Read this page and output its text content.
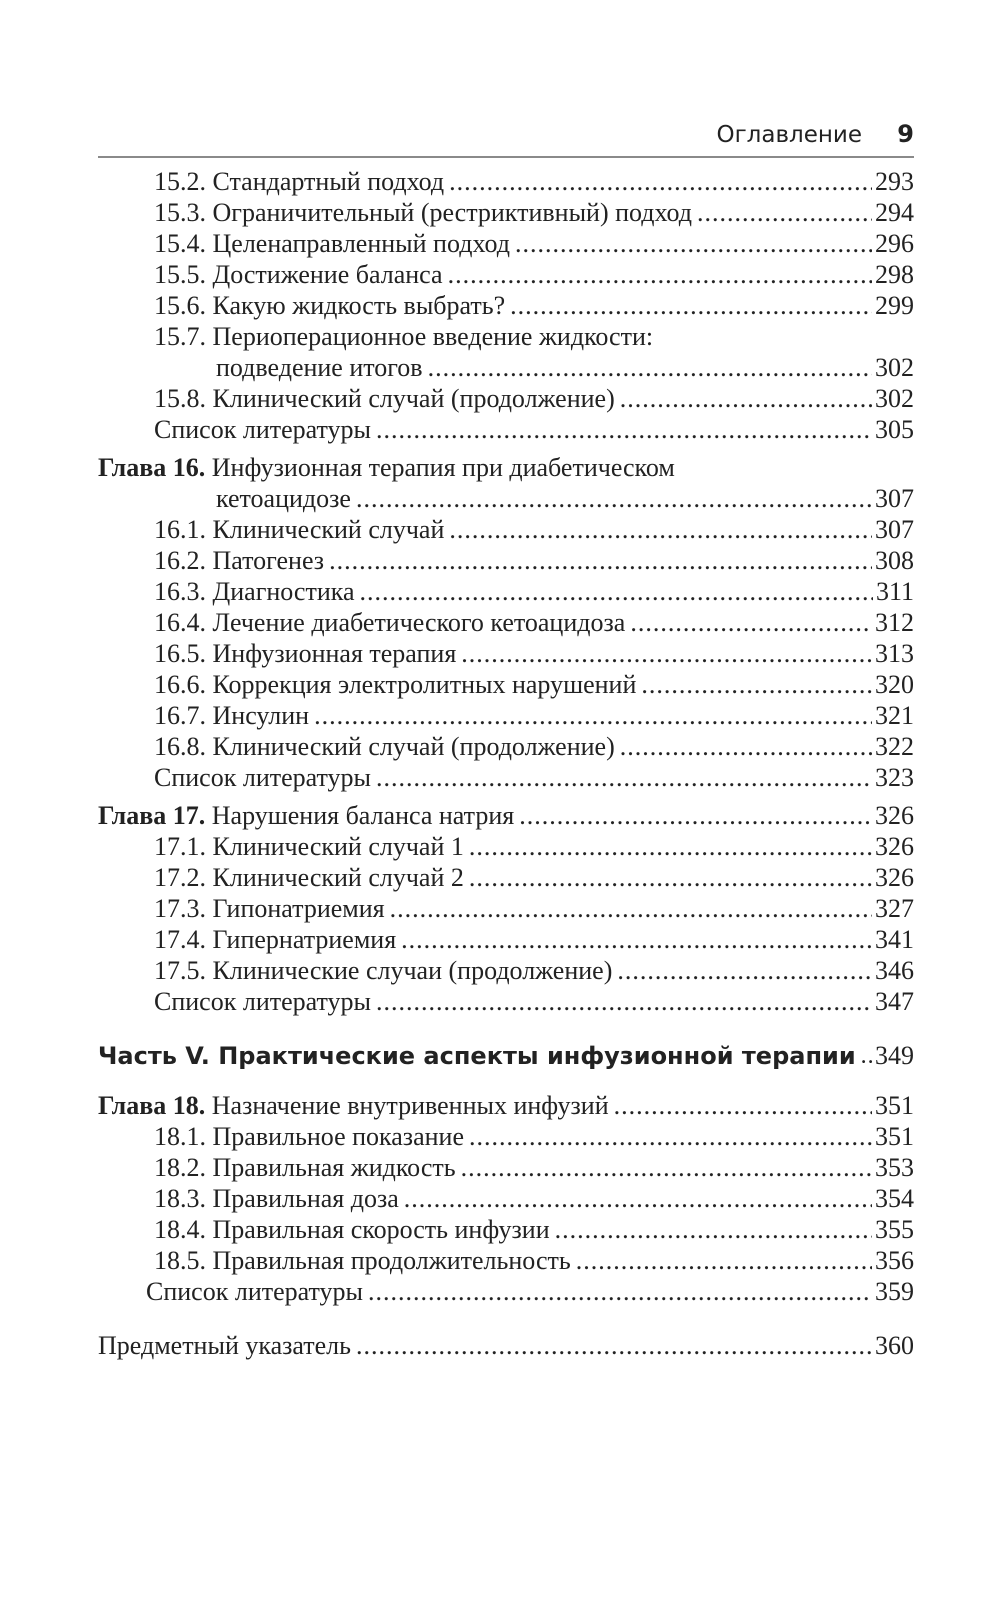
Оглавление 9
15.2. Стандартный подход .....	293
15.3. Ограничительный (рестриктивный) подход .....	294
15.4. Целенаправленный подход .....	296
15.5. Достижение баланса .....	298
15.6. Какую жидкость выбрать? .....	299
15.7. Периоперационное введение жидкости:
подведение итогов .....	302
15.8. Клинический случай (продолжение) .....	302
Список литературы .....	305
Глава 16. Инфузионная терапия при диабетическом
кетоацидозе .....	307
16.1. Клинический случай .....	307
16.2. Патогенез .....	308
16.3. Диагностика .....	311
16.4. Лечение диабетического кетоацидоза .....	312
16.5. Инфузионная терапия .....	313
16.6. Коррекция электролитных нарушений .....	320
16.7. Инсулин .....	321
16.8. Клинический случай (продолжение) .....	322
Список литературы .....	323
Глава 17. Нарушения баланса натрия .....	326
17.1. Клинический случай 1 .....	326
17.2. Клинический случай 2 .....	326
17.3. Гипонатриемия .....	327
17.4. Гипернатриемия .....	341
17.5. Клинические случаи (продолжение) .....	346
Список литературы .....	347
Часть V. Практические аспекты инфузионной терапии ..... 349
Глава 18. Назначение внутривенных инфузий .....	351
18.1. Правильное показание .....	351
18.2. Правильная жидкость .....	353
18.3. Правильная доза .....	354
18.4. Правильная скорость инфузии .....	355
18.5. Правильная продолжительность .....	356
Список литературы .....	359
Предметный указатель .....	360
